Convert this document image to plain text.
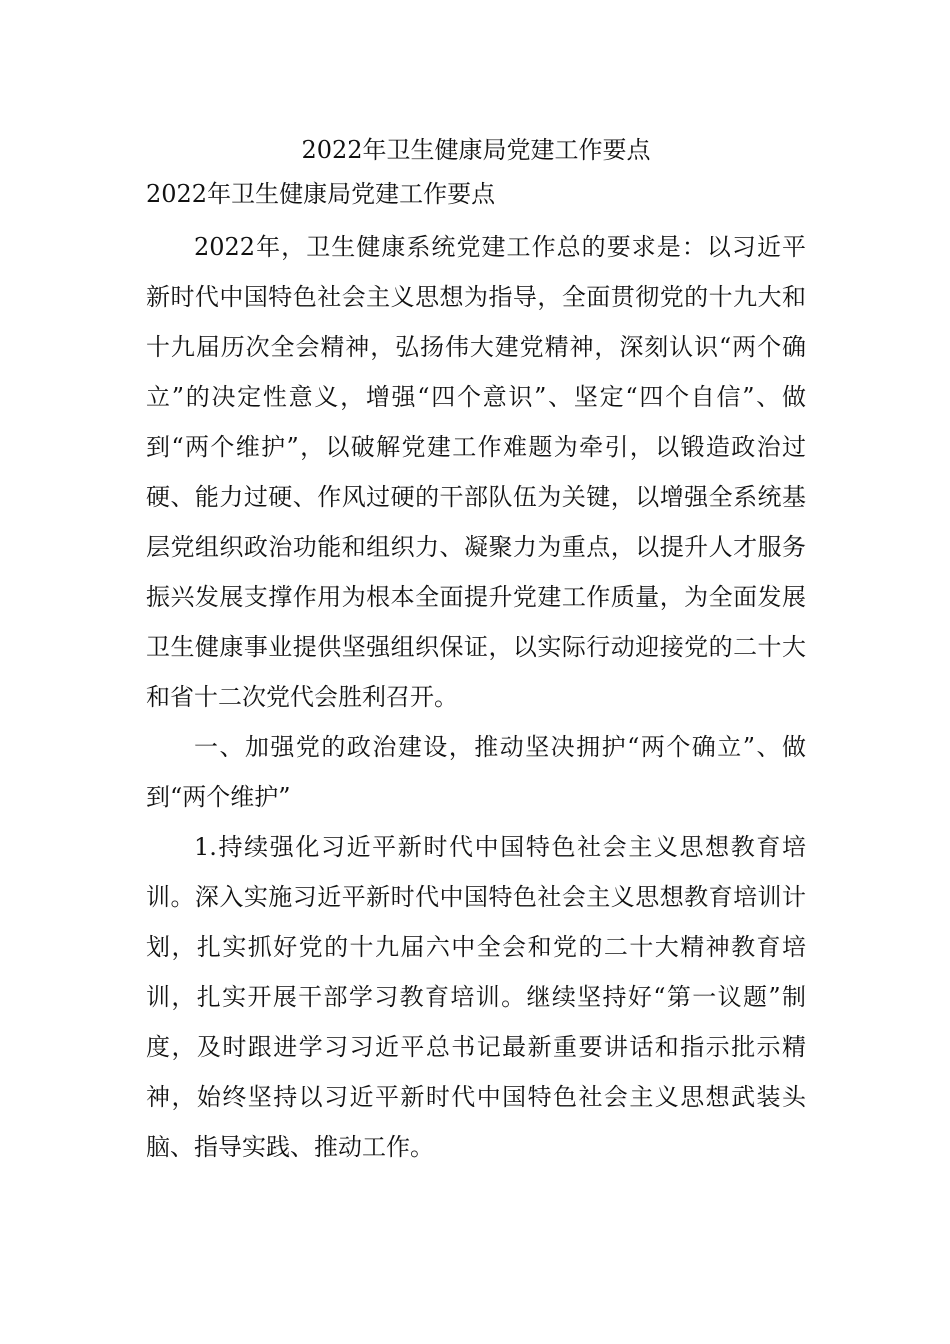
2022年卫生健康局党建工作要点
2022年卫生健康局党建工作要点

2022年，卫生健康系统党建工作总的要求是：以习近平新时代中国特色社会主义思想为指导，全面贯彻党的十九大和十九届历次全会精神，弘扬伟大建党精神，深刻认识“两个确立”的决定性意义，增强“四个意识”、坚定“四个自信”、做到“两个维护”，以破解党建工作难题为牵引，以锻造政治过硬、能力过硬、作风过硬的干部队伍为关键，以增强全系统基层党组织政治功能和组织力、凝聚力为重点，以提升人才服务振兴发展支撑作用为根本全面提升党建工作质量，为全面发展卫生健康事业提供坚强组织保证，以实际行动迎接党的二十大和省十二次党代会胜利召开。

一、加强党的政治建设，推动坚决拥护“两个确立”、做到“两个维护”

1.持续强化习近平新时代中国特色社会主义思想教育培训。深入实施习近平新时代中国特色社会主义思想教育培训计划，扎实抓好党的十九届六中全会和党的二十大精神教育培训，扎实开展干部学习教育培训。继续坚持好“第一议题”制度，及时跟进学习习近平总书记最新重要讲话和指示批示精神，始终坚持以习近平新时代中国特色社会主义思想武装头脑、指导实践、推动工作。
